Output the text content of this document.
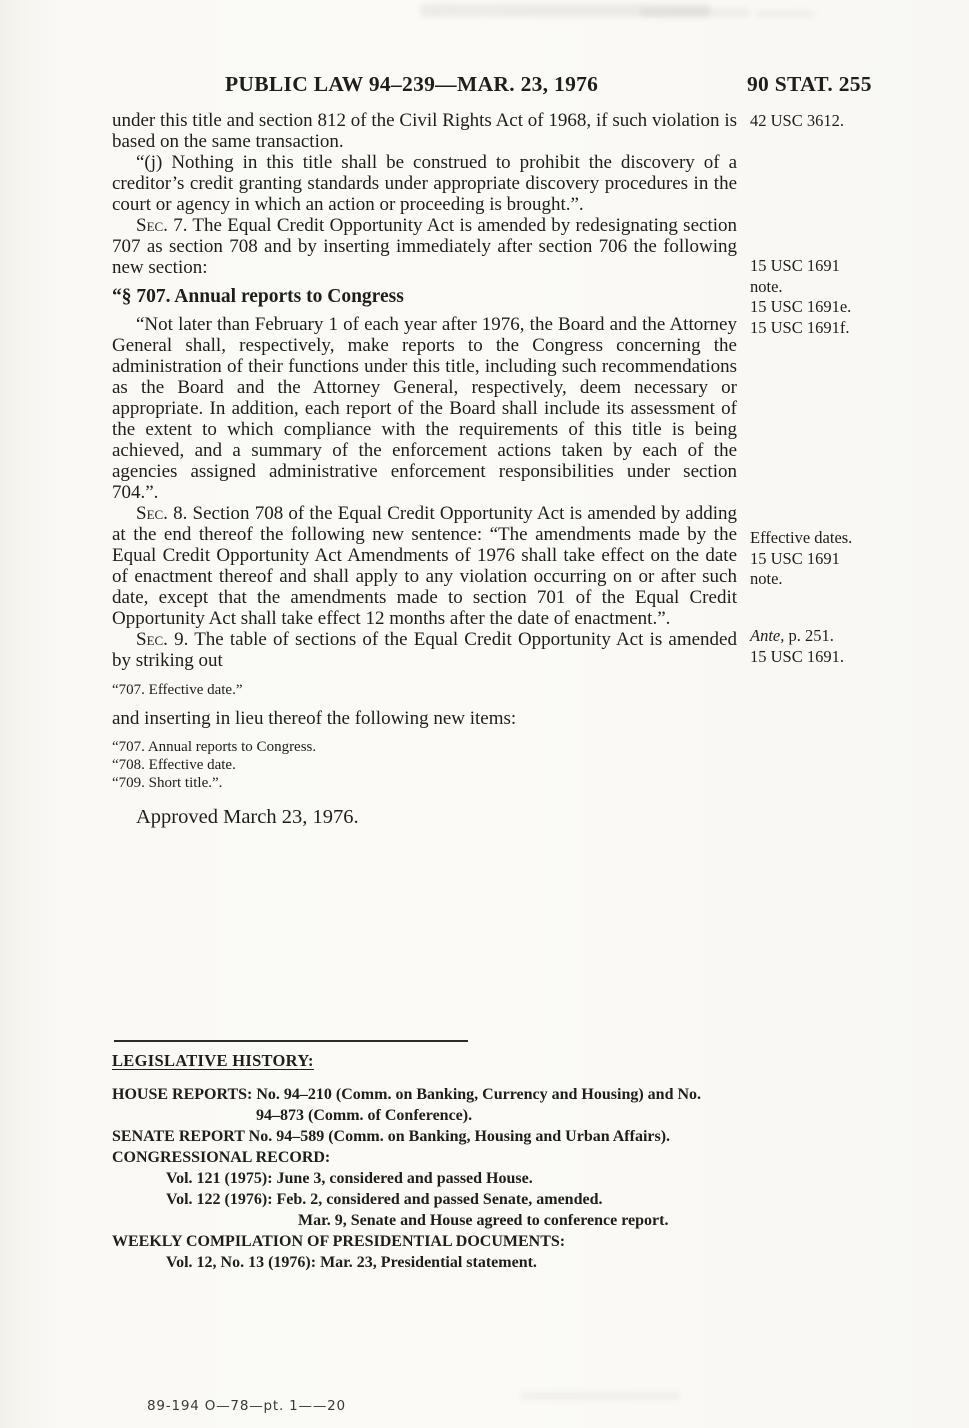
PUBLIC LAW 94–239—MAR. 23, 1976	90 STAT. 255

under this title and section 812 of the Civil Rights Act of 1968, if such violation is based on the same transaction.

“(j) Nothing in this title shall be construed to prohibit the discovery of a creditor’s credit granting standards under appropriate discovery procedures in the court or agency in which an action or proceeding is brought.”.

Sec. 7. The Equal Credit Opportunity Act is amended by redesignating section 707 as section 708 and by inserting immediately after section 706 the following new section:

“§ 707. Annual reports to Congress

“Not later than February 1 of each year after 1976, the Board and the Attorney General shall, respectively, make reports to the Congress concerning the administration of their functions under this title, including such recommendations as the Board and the Attorney General, respectively, deem necessary or appropriate. In addition, each report of the Board shall include its assessment of the extent to which compliance with the requirements of this title is being achieved, and a summary of the enforcement actions taken by each of the agencies assigned administrative enforcement responsibilities under section 704.”.

Sec. 8. Section 708 of the Equal Credit Opportunity Act is amended by adding at the end thereof the following new sentence: “The amendments made by the Equal Credit Opportunity Act Amendments of 1976 shall take effect on the date of enactment thereof and shall apply to any violation occurring on or after such date, except that the amendments made to section 701 of the Equal Credit Opportunity Act shall take effect 12 months after the date of enactment.”.

Sec. 9. The table of sections of the Equal Credit Opportunity Act is amended by striking out

“707. Effective date.”

and inserting in lieu thereof the following new items:

“707. Annual reports to Congress.

“708. Effective date.

“709. Short title.”.

Approved March 23, 1976.

42 USC 3612.
15 USC 1691
note.
15 USC 1691e.
15 USC 1691f.
Effective dates.
15 USC 1691
note.
Ante, p. 251.
15 USC 1691.
LEGISLATIVE HISTORY:

HOUSE REPORTS: No. 94–210 (Comm. on Banking, Currency and Housing) and No.

94–873 (Comm. of Conference).

SENATE REPORT No. 94–589 (Comm. on Banking, Housing and Urban Affairs).

CONGRESSIONAL RECORD:

Vol. 121 (1975): June 3, considered and passed House.

Vol. 122 (1976): Feb. 2, considered and passed Senate, amended.

Mar. 9, Senate and House agreed to conference report.

WEEKLY COMPILATION OF PRESIDENTIAL DOCUMENTS:

Vol. 12, No. 13 (1976): Mar. 23, Presidential statement.

89-194 O—78—pt. 1——20
